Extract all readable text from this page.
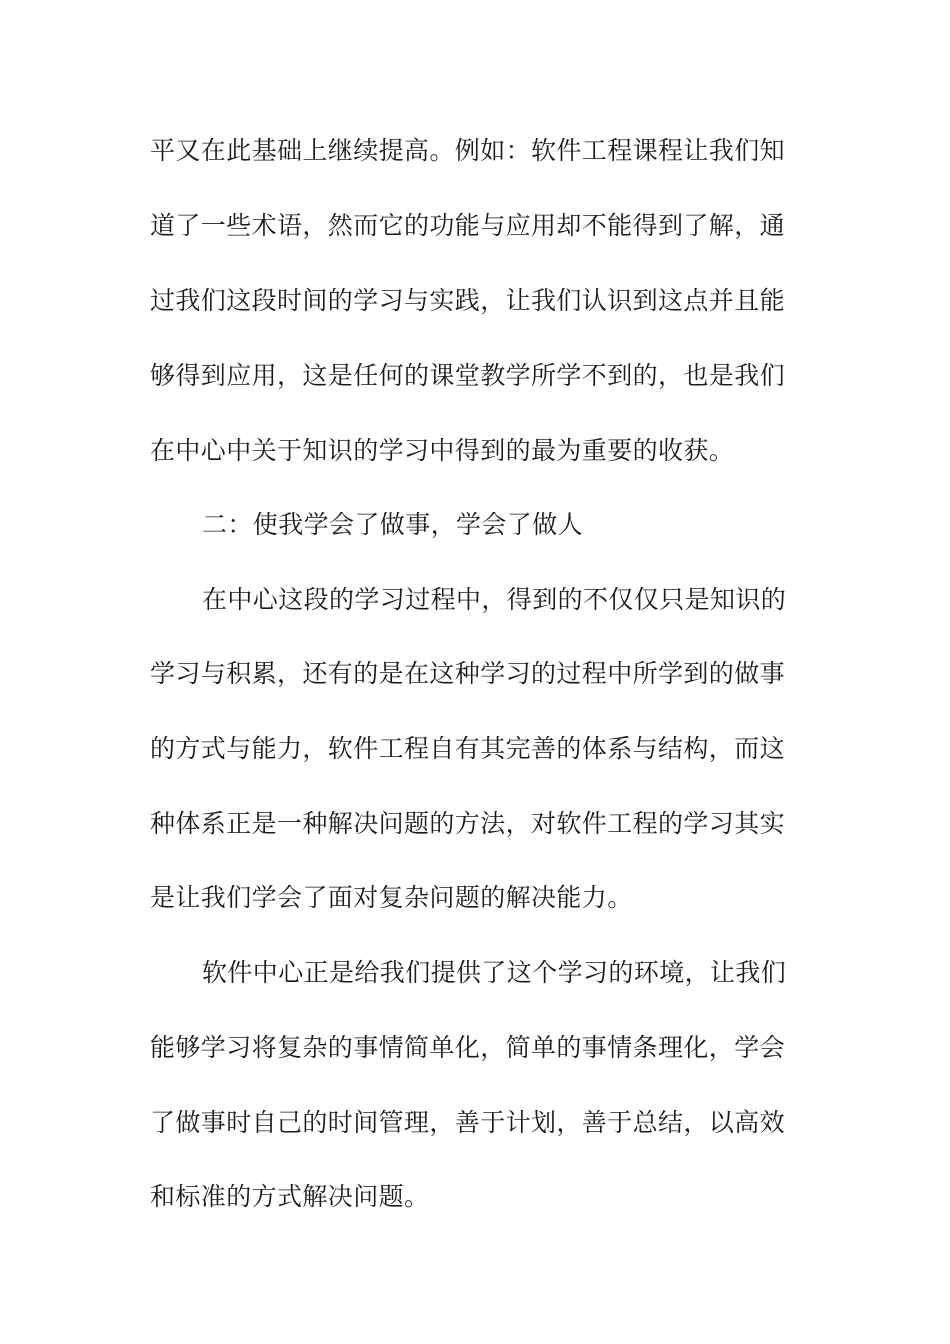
平又在此基础上继续提高。例如：软件工程课程让我们知
道了一些术语，然而它的功能与应用却不能得到了解，通
过我们这段时间的学习与实践，让我们认识到这点并且能
够得到应用，这是任何的课堂教学所学不到的，也是我们
在中心中关于知识的学习中得到的最为重要的收获。
二：使我学会了做事，学会了做人
在中心这段的学习过程中，得到的不仅仅只是知识的
学习与积累，还有的是在这种学习的过程中所学到的做事
的方式与能力，软件工程自有其完善的体系与结构，而这
种体系正是一种解决问题的方法，对软件工程的学习其实
是让我们学会了面对复杂问题的解决能力。
软件中心正是给我们提供了这个学习的环境，让我们
能够学习将复杂的事情简单化，简单的事情条理化，学会
了做事时自己的时间管理，善于计划，善于总结，以高效
和标准的方式解决问题。
